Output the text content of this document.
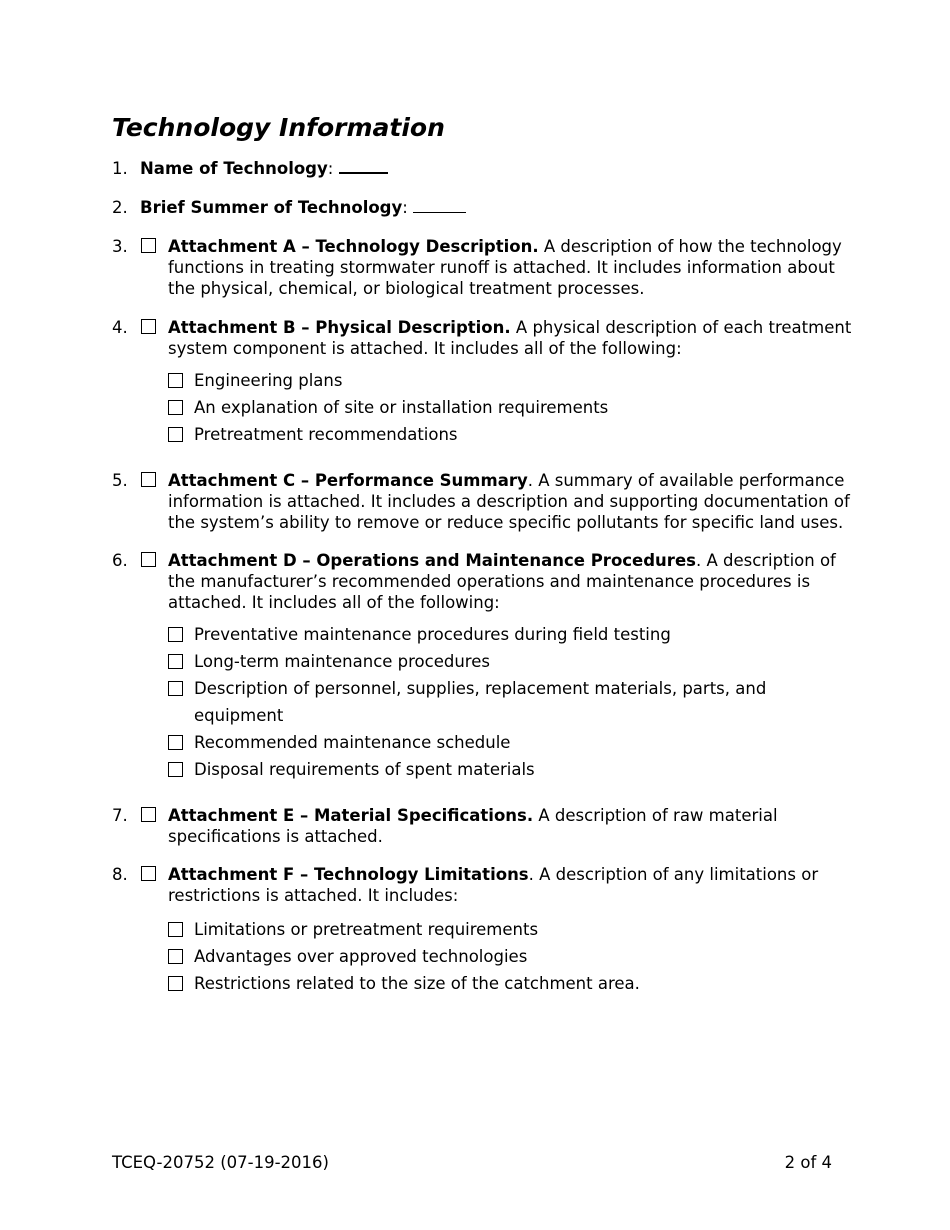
Technology Information
1. Name of Technology:
2. Brief Summer of Technology:
3. Attachment A – Technology Description. A description of how the technology functions in treating stormwater runoff is attached. It includes information about the physical, chemical, or biological treatment processes.
4. Attachment B – Physical Description. A physical description of each treatment system component is attached. It includes all of the following:
Engineering plans
An explanation of site or installation requirements
Pretreatment recommendations
5. Attachment C – Performance Summary. A summary of available performance information is attached. It includes a description and supporting documentation of the system’s ability to remove or reduce specific pollutants for specific land uses.
6. Attachment D – Operations and Maintenance Procedures. A description of the manufacturer’s recommended operations and maintenance procedures is attached. It includes all of the following:
Preventative maintenance procedures during field testing
Long-term maintenance procedures
Description of personnel, supplies, replacement materials, parts, and equipment
Recommended maintenance schedule
Disposal requirements of spent materials
7. Attachment E – Material Specifications. A description of raw material specifications is attached.
8. Attachment F – Technology Limitations. A description of any limitations or restrictions is attached. It includes:
Limitations or pretreatment requirements
Advantages over approved technologies
Restrictions related to the size of the catchment area.
TCEQ-20752 (07-19-2016)	2 of 4
